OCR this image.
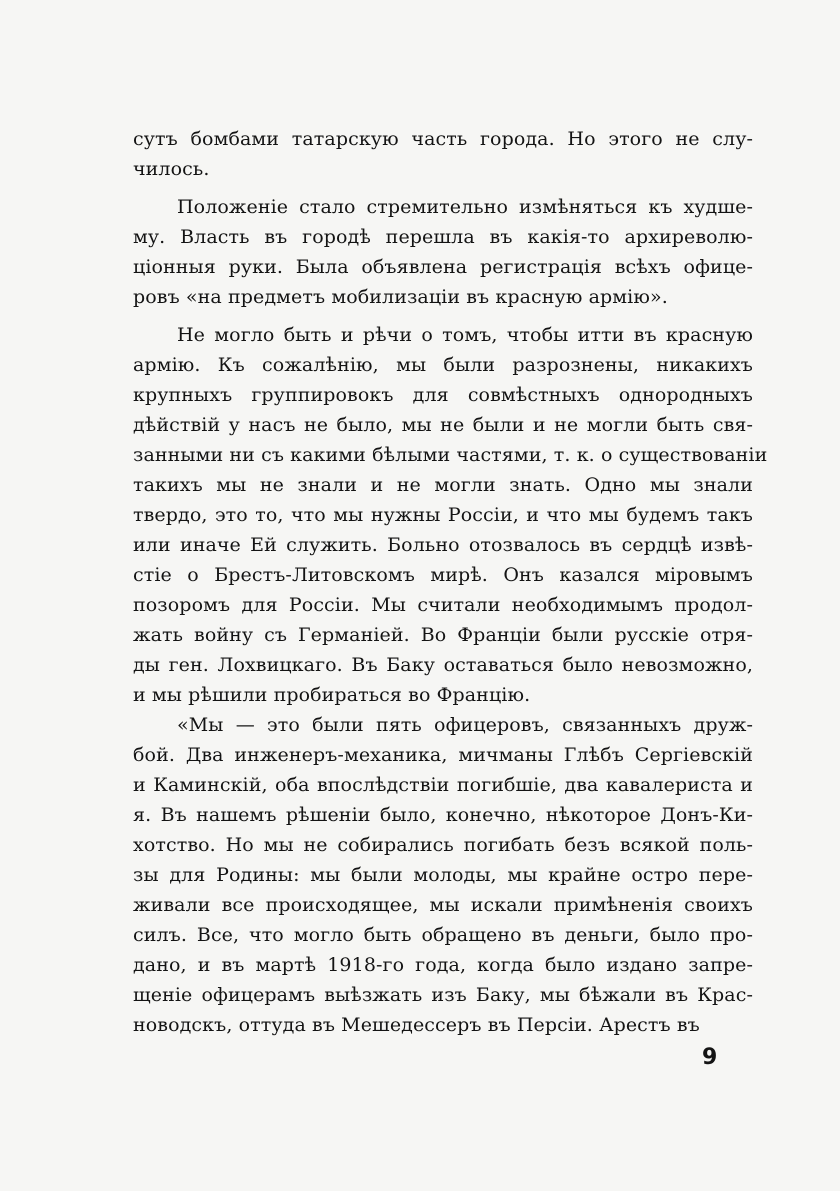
сутъ бомбами татарскую часть города. Но этого не слу-
чилось.
Положенiе стало стремительно измѣняться къ худше-
му. Власть въ городѣ перешла въ какiя-то архиреволю-
цiонныя руки. Была объявлена регистрацiя всѣхъ офице-
ровъ «на предметъ мобилизацiи въ красную армiю».
Не могло быть и рѣчи о томъ, чтобы итти въ красную
армiю. Къ сожалѣнiю, мы были разрознены, никакихъ
крупныхъ группировокъ для совмѣстныхъ однородныхъ
дѣйствiй у насъ не было, мы не были и не могли быть свя-
занными ни съ какими бѣлыми частями, т. к. о существованiи
такихъ мы не знали и не могли знать. Одно мы знали
твердо, это то, что мы нужны Россiи, и что мы будемъ такъ
или иначе Ей служить. Больно отозвалось въ сердцѣ извѣ-
стiе о Брестъ-Литовскомъ мирѣ. Онъ казался мiровымъ
позоромъ для Россiи. Мы считали необходимымъ продол-
жать войну съ Германiей. Во Францiи были русскiе отря-
ды ген. Лохвицкаго. Въ Баку оставаться было невозможно,
и мы рѣшили пробираться во Францiю.
«Мы — это были пять офицеровъ, связанныхъ друж-
бой. Два инженеръ-механика, мичманы Глѣбъ Сергiевскiй
и Каминскiй, оба впослѣдствiи погибшiе, два кавалериста и
я. Въ нашемъ рѣшенiи было, конечно, нѣкоторое Донъ-Ки-
хотство. Но мы не собирались погибать безъ всякой поль-
зы для Родины: мы были молоды, мы крайне остро пере-
живали все происходящее, мы искали примѣненiя своихъ
силъ. Все, что могло быть обращено въ деньги, было про-
дано, и въ мартѣ 1918-го года, когда было издано запре-
щенiе офицерамъ выѣзжать изъ Баку, мы бѣжали въ Крас-
новодскъ, оттуда въ Мешедессеръ въ Персiи. Арестъ въ
9
